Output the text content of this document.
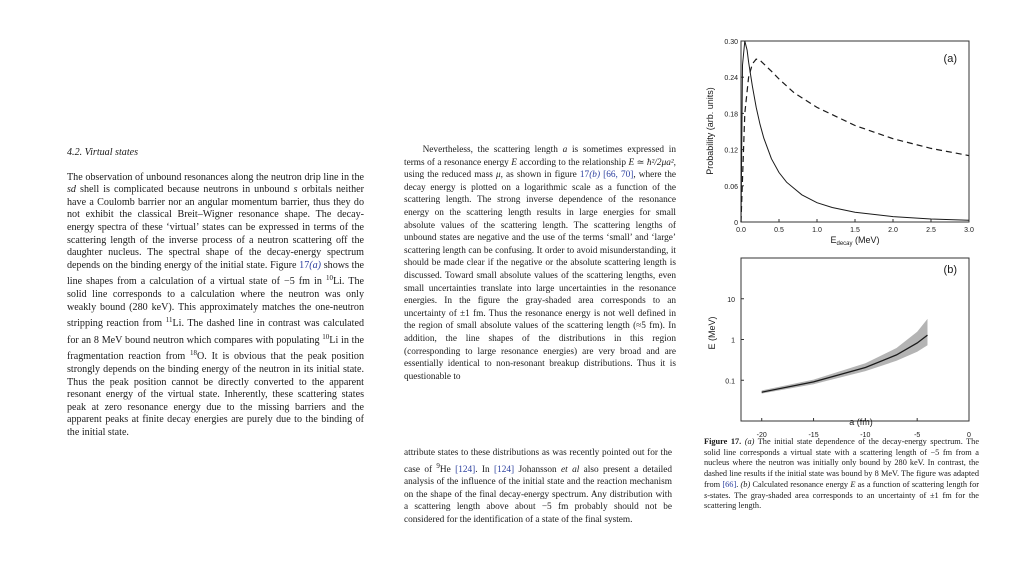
4.2. Virtual states

The observation of unbound resonances along the neutron drip line in the sd shell is complicated because neutrons in unbound s orbitals neither have a Coulomb barrier nor an angular momentum barrier, thus they do not exhibit the classical Breit–Wigner resonance shape. The decay-energy spectra of these ‘virtual’ states can be expressed in terms of the scattering length of the inverse process of a neutron scattering off the daughter nucleus. The spectral shape of the decay-energy spectrum depends on the binding energy of the initial state. Figure 17(a) shows the line shapes from a calculation of a virtual state of −5 fm in $^{10}$Li. The solid line corresponds to a calculation where the neutron was only weakly bound (280 keV). This approximately matches the one-neutron stripping reaction from $^{11}$Li. The dashed line in contrast was calculated for an 8 MeV bound neutron which compares with populating $^{10}$Li in the fragmentation reaction from $^{18}$O. It is obvious that the peak position strongly depends on the binding energy of the neutron in its initial state. Thus the peak position cannot be directly converted to the apparent resonant energy of the virtual state. Inherently, these scattering states peak at zero resonance energy due to the missing barriers and the apparent peaks at finite decay energies are purely due to the binding of the initial state.

  Nevertheless, the scattering length a is sometimes expressed in terms of a resonance energy E according to the relationship E ≃ ħ²/2μa², using the reduced mass μ, as shown in figure 17(b) [66, 70], where the decay energy is plotted on a logarithmic scale as a function of the scattering length. The strong inverse dependence of the resonance energy on the scattering length results in large energies for small absolute values of the scattering length. The scattering lengths of unbound states are negative and the use of the terms ‘small’ and ‘large’ scattering length can be confusing. It order to avoid misunderstanding, it should be made clear if the negative or the absolute scattering length is discussed. Toward small absolute values of the scattering lengths, even small uncertainties translate into large uncertainties in the resonance energies. In the figure the gray-shaded area corresponds to an uncertainty of ±1 fm. Thus the resonance energy is not well defined in the region of small absolute values of the scattering length (≈5 fm). In addition, the line shapes of the distributions in this region (corresponding to large resonance energies) are very broad and are essentially identical to non-resonant breakup distributions. Thus it is questionable to

attribute states to these distributions as was recently pointed out for the case of $^9$He [124]. In [124] Johansson et al also present a detailed analysis of the influence of the initial state and the reaction mechanism on the shape of the final decay-energy spectrum. Any distribution with a scattering length above about −5 fm probably should not be considered for the identification of a state of the final system.

Figure 17. (a) The initial state dependence of the decay-energy spectrum. The solid line corresponds a virtual state with a scattering length of −5 fm from a nucleus where the neutron was initially only bound by 280 keV. In contrast, the dashed line results if the initial state was bound by 8 MeV. The figure was adapted from [66]. (b) Calculated resonance energy E as a function of scattering length for s-states. The gray-shaded area corresponds to an uncertainty of ±1 fm for the scattering length.
0
0.06
0.12
0.18
0.24
0.30
0.0	0.5	1.0	1.5	2.0	2.5	3.0
(a)
Probability (arb. units)
$E_{decay}$ (MeV)
0.1
1
10
-20	-15	-10	-5	0
(b)
E (MeV)
a (fm)
